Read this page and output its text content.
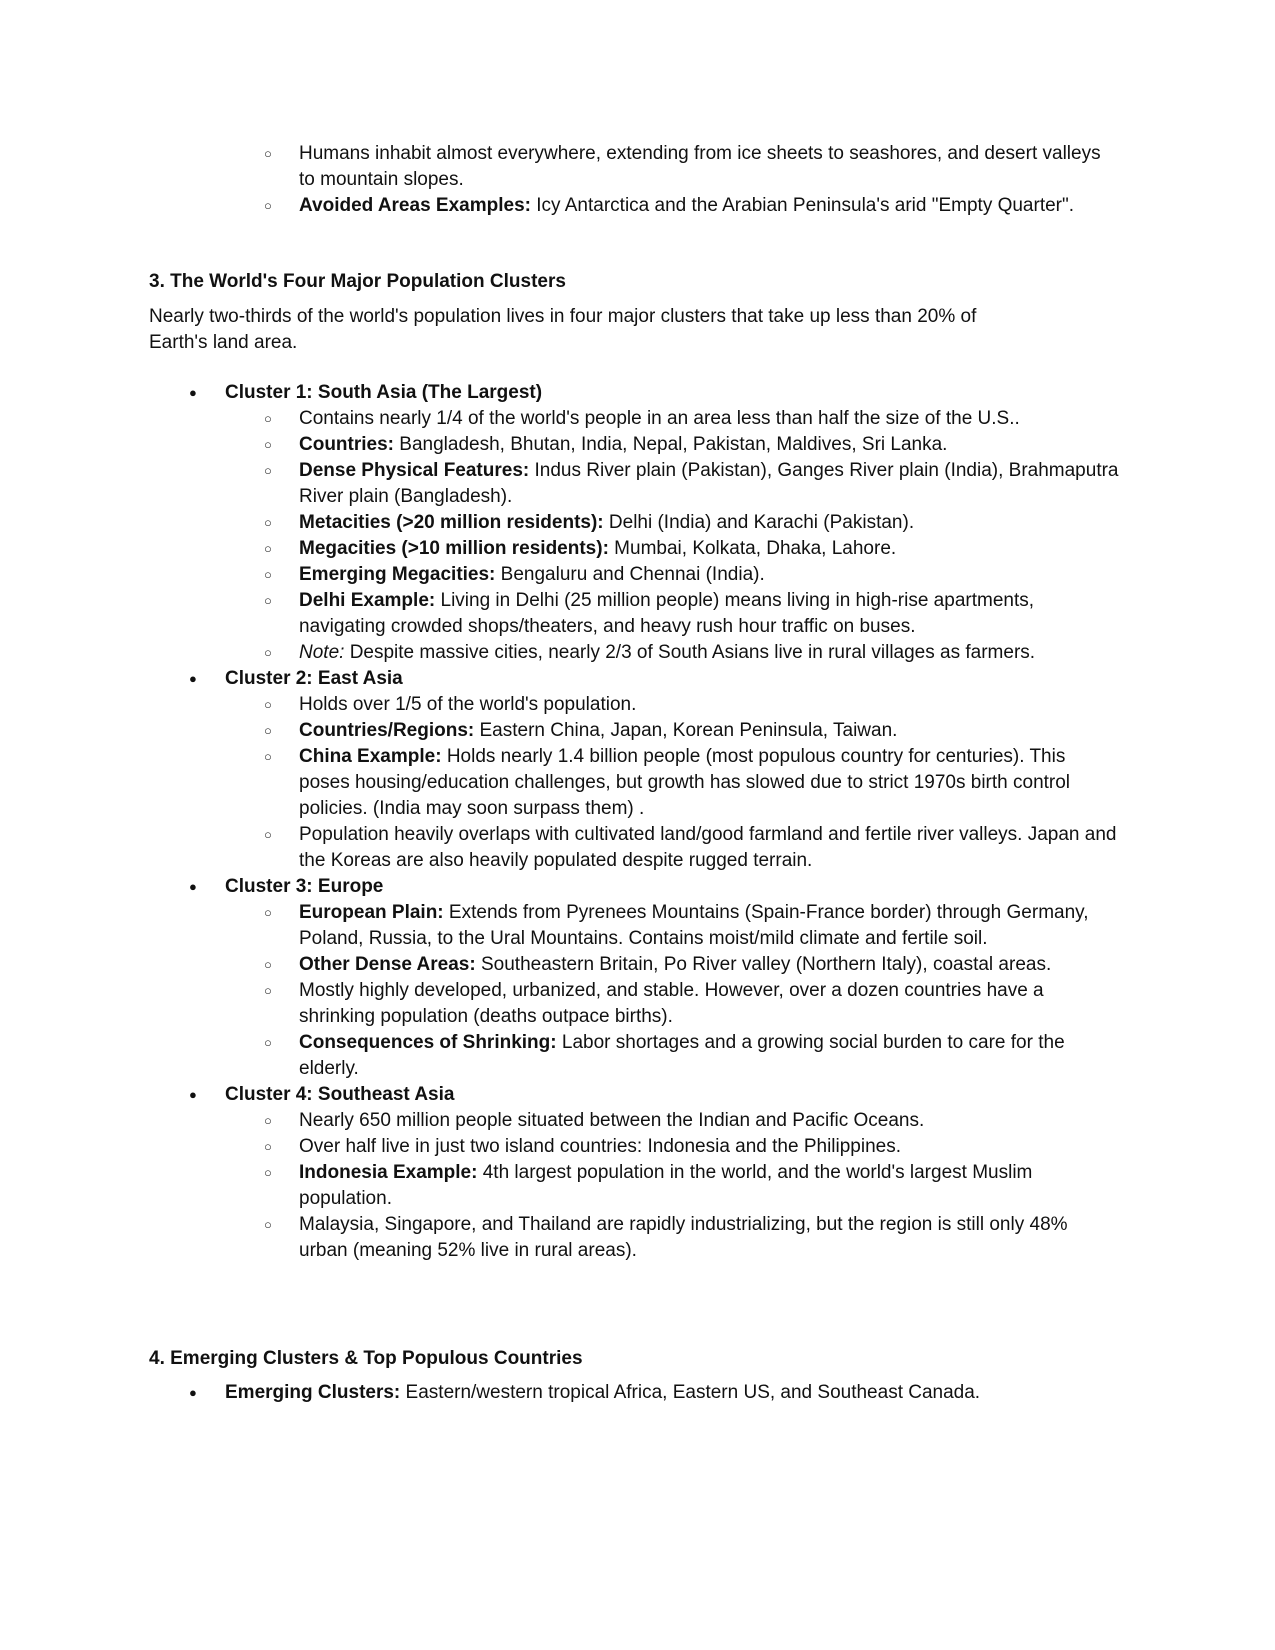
○ Humans inhabit almost everywhere, extending from ice sheets to seashores, and desert valleys to mountain slopes.
○ Avoided Areas Examples: Icy Antarctica and the Arabian Peninsula's arid "Empty Quarter".
3. The World's Four Major Population Clusters

Nearly two-thirds of the world's population lives in four major clusters that take up less than 20% of Earth's land area.

● Cluster 1: South Asia (The Largest)
○ Contains nearly 1/4 of the world's people in an area less than half the size of the U.S..
○ Countries: Bangladesh, Bhutan, India, Nepal, Pakistan, Maldives, Sri Lanka.
○ Dense Physical Features: Indus River plain (Pakistan), Ganges River plain (India), Brahmaputra River plain (Bangladesh).
○ Metacities (>20 million residents): Delhi (India) and Karachi (Pakistan).
○ Megacities (>10 million residents): Mumbai, Kolkata, Dhaka, Lahore.
○ Emerging Megacities: Bengaluru and Chennai (India).
○ Delhi Example: Living in Delhi (25 million people) means living in high-rise apartments, navigating crowded shops/theaters, and heavy rush hour traffic on buses.
○ Note: Despite massive cities, nearly 2/3 of South Asians live in rural villages as farmers.
● Cluster 2: East Asia
○ Holds over 1/5 of the world's population.
○ Countries/Regions: Eastern China, Japan, Korean Peninsula, Taiwan.
○ China Example: Holds nearly 1.4 billion people (most populous country for centuries). This poses housing/education challenges, but growth has slowed due to strict 1970s birth control policies. (India may soon surpass them) .
○ Population heavily overlaps with cultivated land/good farmland and fertile river valleys. Japan and the Koreas are also heavily populated despite rugged terrain.
● Cluster 3: Europe
○ European Plain: Extends from Pyrenees Mountains (Spain-France border) through Germany, Poland, Russia, to the Ural Mountains. Contains moist/mild climate and fertile soil.
○ Other Dense Areas: Southeastern Britain, Po River valley (Northern Italy), coastal areas.
○ Mostly highly developed, urbanized, and stable. However, over a dozen countries have a shrinking population (deaths outpace births).
○ Consequences of Shrinking: Labor shortages and a growing social burden to care for the elderly.
● Cluster 4: Southeast Asia
○ Nearly 650 million people situated between the Indian and Pacific Oceans.
○ Over half live in just two island countries: Indonesia and the Philippines.
○ Indonesia Example: 4th largest population in the world, and the world's largest Muslim population.
○ Malaysia, Singapore, and Thailand are rapidly industrializing, but the region is still only 48% urban (meaning 52% live in rural areas).
4. Emerging Clusters & Top Populous Countries
● Emerging Clusters: Eastern/western tropical Africa, Eastern US, and Southeast Canada.
